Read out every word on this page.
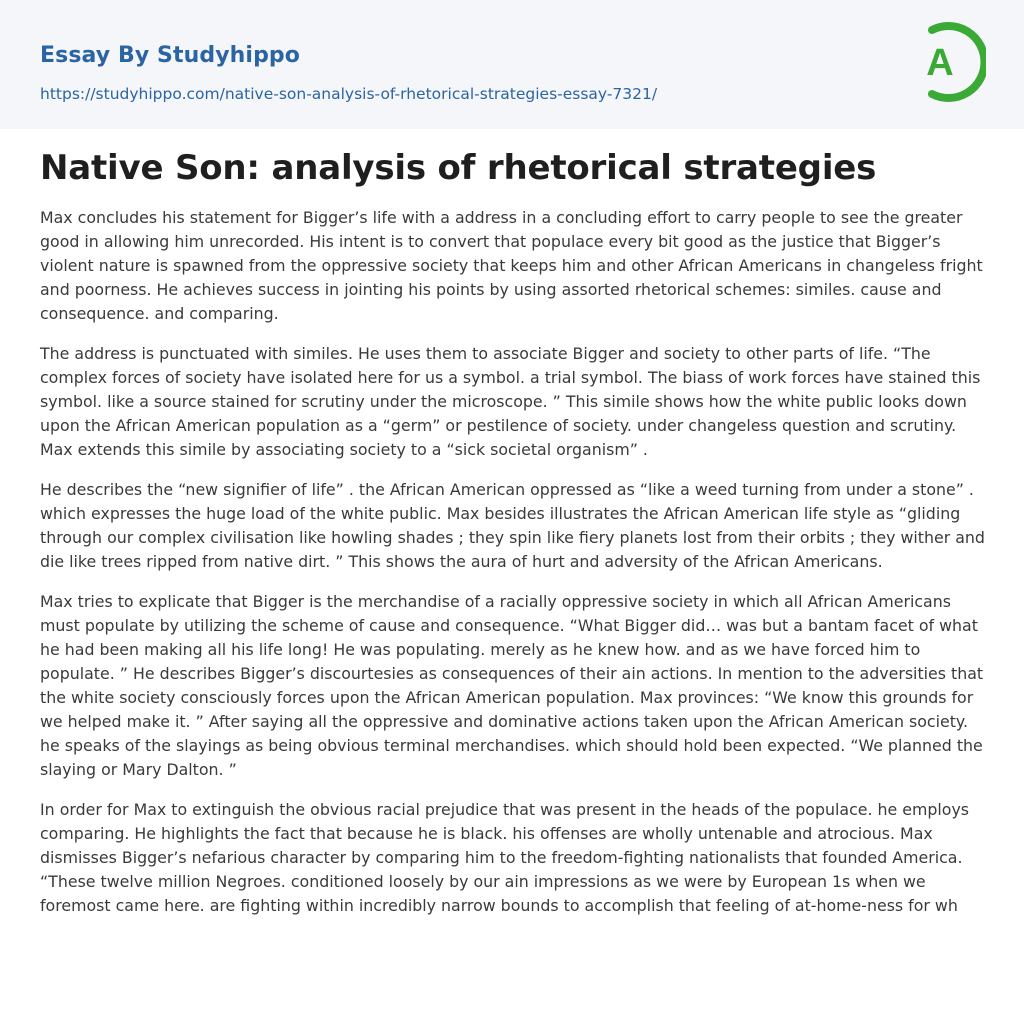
Essay By Studyhippo
https://studyhippo.com/native-son-analysis-of-rhetorical-strategies-essay-7321/
A
Native Son: analysis of rhetorical strategies

Max concludes his statement for Bigger’s life with a address in a concluding effort to carry people to see the greater good in allowing him unrecorded. His intent is to convert that populace every bit good as the justice that Bigger’s violent nature is spawned from the oppressive society that keeps him and other African Americans in changeless fright and poorness. He achieves success in jointing his points by using assorted rhetorical schemes: similes. cause and consequence. and comparing.

The address is punctuated with similes. He uses them to associate Bigger and society to other parts of life. “The complex forces of society have isolated here for us a symbol. a trial symbol. The biass of work forces have stained this symbol. like a source stained for scrutiny under the microscope. ” This simile shows how the white public looks down upon the African American population as a “germ” or pestilence of society. under changeless question and scrutiny. Max extends this simile by associating society to a “sick societal organism” .

He describes the “new signifier of life” . the African American oppressed as “like a weed turning from under a stone” . which expresses the huge load of the white public. Max besides illustrates the African American life style as “gliding through our complex civilisation like howling shades ; they spin like fiery planets lost from their orbits ; they wither and die like trees ripped from native dirt. ” This shows the aura of hurt and adversity of the African Americans.

Max tries to explicate that Bigger is the merchandise of a racially oppressive society in which all African Americans must populate by utilizing the scheme of cause and consequence. “What Bigger did… was but a bantam facet of what he had been making all his life long! He was populating. merely as he knew how. and as we have forced him to populate. ” He describes Bigger’s discourtesies as consequences of their ain actions. In mention to the adversities that the white society consciously forces upon the African American population. Max provinces: “We know this grounds for we helped make it. ” After saying all the oppressive and dominative actions taken upon the African American society. he speaks of the slayings as being obvious terminal merchandises. which should hold been expected. “We planned the slaying or Mary Dalton. ”

In order for Max to extinguish the obvious racial prejudice that was present in the heads of the populace. he employs comparing. He highlights the fact that because he is black. his offenses are wholly untenable and atrocious. Max dismisses Bigger’s nefarious character by comparing him to the freedom-fighting nationalists that founded America. “These twelve million Negroes. conditioned loosely by our ain impressions as we were by European 1s when we foremost came here. are fighting within incredibly narrow bounds to accomplish that feeling of at-home-ness for wh
